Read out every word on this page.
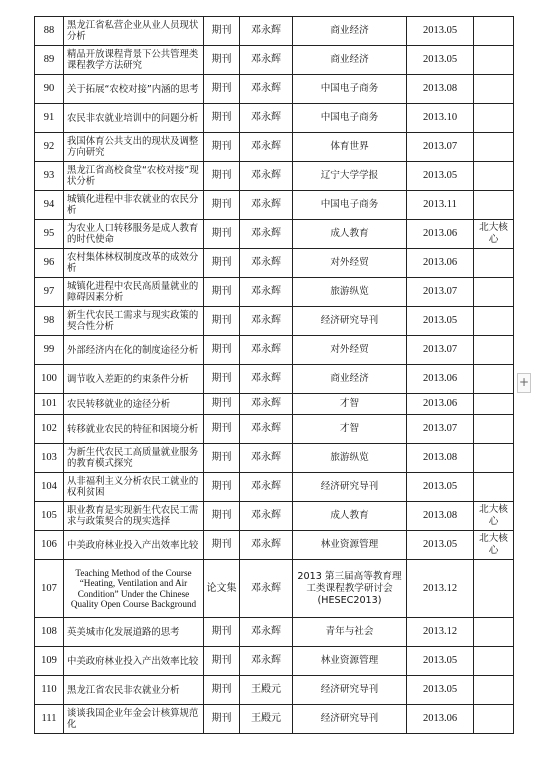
88	黑龙江省私营企业从业人员现状分析	期刊	邓永辉	商业经济	2013.05	
89	精品开放课程背景下公共管理类课程教学方法研究	期刊	邓永辉	商业经济	2013.05	
90	关于拓展“农校对接”内涵的思考	期刊	邓永辉	中国电子商务	2013.08	
91	农民非农就业培训中的问题分析	期刊	邓永辉	中国电子商务	2013.10	
92	我国体育公共支出的现状及调整方向研究	期刊	邓永辉	体育世界	2013.07	
93	黑龙江省高校食堂“农校对接”现状分析	期刊	邓永辉	辽宁大学学报	2013.05	
94	城镇化进程中非农就业的农民分析	期刊	邓永辉	中国电子商务	2013.11	
95	为农业人口转移服务是成人教育的时代使命	期刊	邓永辉	成人教育	2013.06	北大核心
96	农村集体林权制度改革的成效分析	期刊	邓永辉	对外经贸	2013.06	
97	城镇化进程中农民高质量就业的障碍因素分析	期刊	邓永辉	旅游纵览	2013.07	
98	新生代农民工需求与现实政策的契合性分析	期刊	邓永辉	经济研究导刊	2013.05	
99	外部经济内在化的制度途径分析	期刊	邓永辉	对外经贸	2013.07	
100	调节收入差距的约束条件分析	期刊	邓永辉	商业经济	2013.06	
101	农民转移就业的途径分析	期刊	邓永辉	才智	2013.06	
102	转移就业农民的特征和困境分析	期刊	邓永辉	才智	2013.07	
103	为新生代农民工高质量就业服务的教育模式探究	期刊	邓永辉	旅游纵览	2013.08	
104	从非福利主义分析农民工就业的权利贫困	期刊	邓永辉	经济研究导刊	2013.05	
105	职业教育是实现新生代农民工需求与政策契合的现实选择	期刊	邓永辉	成人教育	2013.08	北大核心
106	中美政府林业投入产出效率比较	期刊	邓永辉	林业资源管理	2013.05	北大核心
107	Teaching Method of the Course “Heating, Ventilation and Air Condition” Under the Chinese Quality Open Course Background	论文集	邓永辉	2013 第三届高等教育理工类课程教学研讨会(HESEC2013)	2013.12	
108	英美城市化发展道路的思考	期刊	邓永辉	青年与社会	2013.12	
109	中美政府林业投入产出效率比较	期刊	邓永辉	林业资源管理	2013.05	
110	黑龙江省农民非农就业分析	期刊	王殿元	经济研究导刊	2013.05	
111	谈谈我国企业年金会计核算规范化	期刊	王殿元	经济研究导刊	2013.06	
+
